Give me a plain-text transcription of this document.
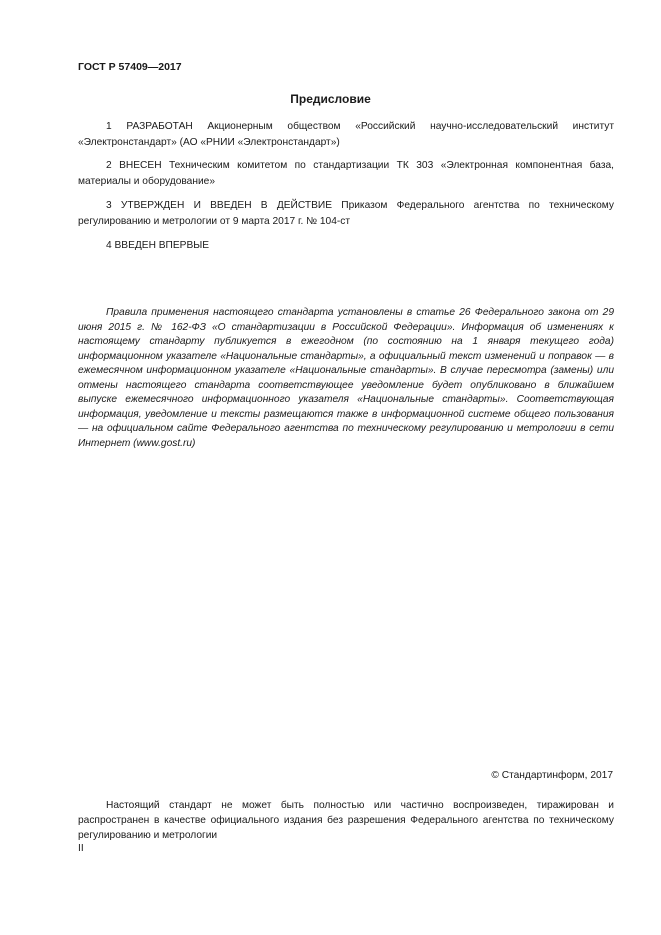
ГОСТ Р 57409—2017
Предисловие
1 РАЗРАБОТАН Акционерным обществом «Российский научно-исследовательский институт «Электронстандарт» (АО «РНИИ «Электронстандарт»)
2 ВНЕСЕН Техническим комитетом по стандартизации ТК 303 «Электронная компонентная база, материалы и оборудование»
3 УТВЕРЖДЕН И ВВЕДЕН В ДЕЙСТВИЕ Приказом Федерального агентства по техническому регулированию и метрологии от 9 марта 2017 г. № 104-ст
4 ВВЕДЕН ВПЕРВЫЕ
Правила применения настоящего стандарта установлены в статье 26 Федерального закона от 29 июня 2015 г. № 162-ФЗ «О стандартизации в Российской Федерации». Информация об изменениях к настоящему стандарту публикуется в ежегодном (по состоянию на 1 января текущего года) информационном указателе «Национальные стандарты», а официальный текст изменений и поправок — в ежемесячном информационном указателе «Национальные стандарты». В случае пересмотра (замены) или отмены настоящего стандарта соответствующее уведомление будет опубликовано в ближайшем выпуске ежемесячного информационного указателя «Национальные стандарты». Соответствующая информация, уведомление и тексты размещаются также в информационной системе общего пользования — на официальном сайте Федерального агентства по техническому регулированию и метрологии в сети Интернет (www.gost.ru)
© Стандартинформ, 2017
Настоящий стандарт не может быть полностью или частично воспроизведен, тиражирован и распространен в качестве официального издания без разрешения Федерального агентства по техническому регулированию и метрологии
II
